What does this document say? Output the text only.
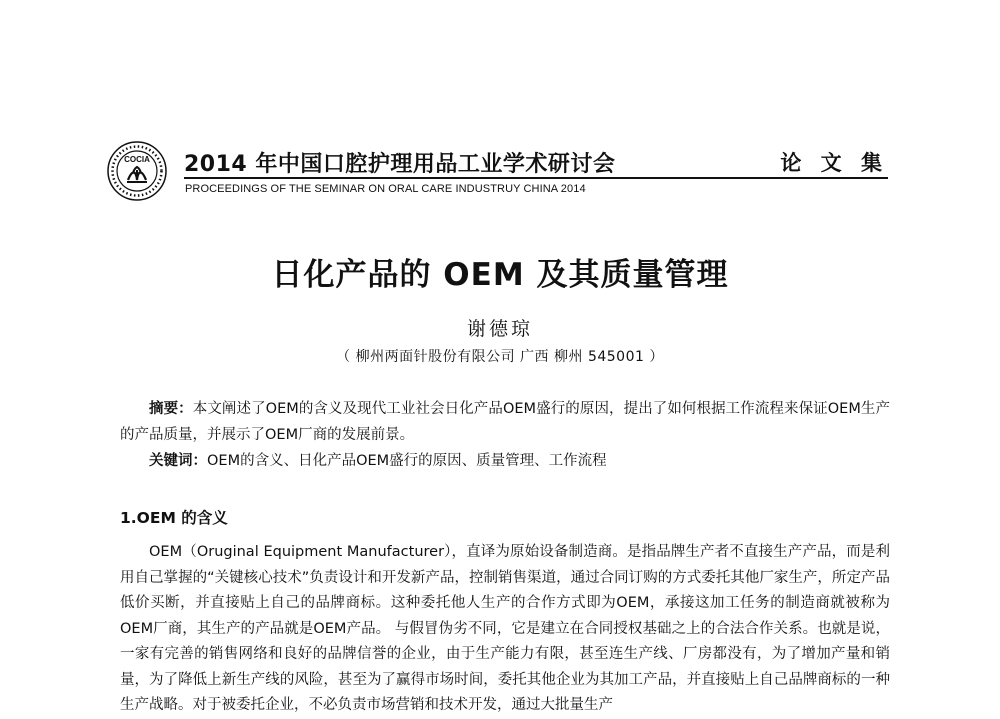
COCIA 2014 年中国口腔护理用品工业学术研讨会	论 文 集
PROCEEDINGS OF THE SEMINAR ON ORAL CARE INDUSTRUY CHINA 2014
日化产品的 OEM 及其质量管理
谢德琼
（ 柳州两面针股份有限公司 广西 柳州 545001 ）

摘要：本文阐述了OEM的含义及现代工业社会日化产品OEM盛行的原因，提出了如何根据工作流程来保证OEM生产的产品质量，并展示了OEM厂商的发展前景。

关键词：OEM的含义、日化产品OEM盛行的原因、质量管理、工作流程

1.OEM 的含义

OEM（Oruginal Equipment Manufacturer），直译为原始设备制造商。是指品牌生产者不直接生产产品，而是利用自己掌握的“关键核心技术”负责设计和开发新产品，控制销售渠道，通过合同订购的方式委托其他厂家生产，所定产品低价买断，并直接贴上自己的品牌商标。这种委托他人生产的合作方式即为OEM，承接这加工任务的制造商就被称为OEM厂商，其生产的产品就是OEM产品。 与假冒伪劣不同，它是建立在合同授权基础之上的合法合作关系。也就是说，一家有完善的销售网络和良好的品牌信誉的企业，由于生产能力有限，甚至连生产线、厂房都没有，为了增加产量和销量，为了降低上新生产线的风险，甚至为了赢得市场时间，委托其他企业为其加工产品，并直接贴上自己品牌商标的一种生产战略。对于被委托企业，不必负责市场营销和技术开发，通过大批量生产
